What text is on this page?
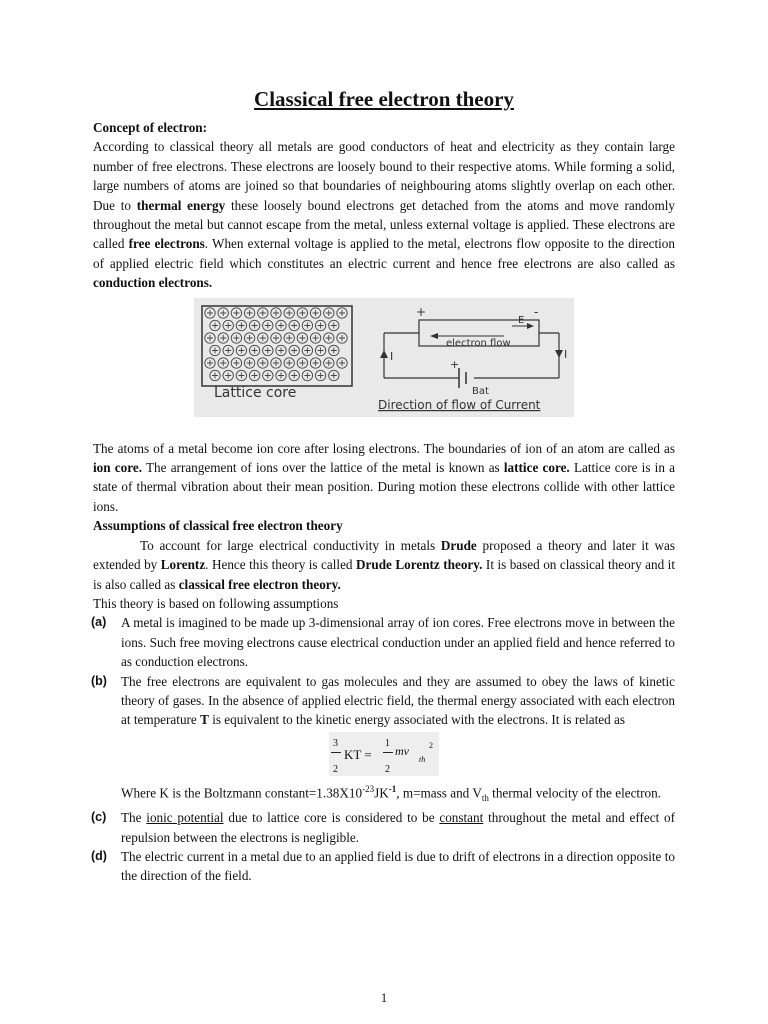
Classical free electron theory

Concept of electron:

According to classical theory all metals are good conductors of heat and electricity as they contain large number of free electrons. These electrons are loosely bound to their respective atoms. While forming a solid, large numbers of atoms are joined so that boundaries of neighbouring atoms slightly overlap on each other. Due to thermal energy these loosely bound electrons get detached from the atoms and move randomly throughout the metal but cannot escape from the metal, unless external voltage is applied. These electrons are called free electrons. When external voltage is applied to the metal, electrons flow opposite to the direction of applied electric field which constitutes an electric current and hence free electrons are also called as conduction electrons.

Lattice core
electron flow
E
I	I
+
Bat
+	-
Direction of flow of Current

The atoms of a metal become ion core after losing electrons. The boundaries of ion of an atom are called as ion core. The arrangement of ions over the lattice of the metal is known as lattice core. Lattice core is in a state of thermal vibration about their mean position. During motion these electrons collide with other lattice ions.

Assumptions of classical free electron theory

To account for large electrical conductivity in metals Drude proposed a theory and later it was extended by Lorentz. Hence this theory is called Drude Lorentz theory. It is based on classical theory and it is also called as classical free electron theory.

This theory is based on following assumptions

(a) A metal is imagined to be made up 3-dimensional array of ion cores. Free electrons move in between the ions. Such free moving electrons cause electrical conduction under an applied field and hence referred to as conduction electrons.
(b) The free electrons are equivalent to gas molecules and they are assumed to obey the laws of kinetic theory of gases. In the absence of applied electric field, the thermal energy associated with each electron at temperature T is equivalent to the kinetic energy associated with the electrons. It is related as
3
2
KT =
1
2
mv
th
2

Where K is the Boltzmann $constant=1.38X10^{-23}JK^{-1}$, m=mass and $V_{th}$ thermal velocity of the electron.

(c) The ionic potential due to lattice core is considered to be constant throughout the metal and effect of repulsion between the electrons is negligible.
(d) The electric current in a metal due to an applied field is due to drift of electrons in a direction opposite to the direction of the field.
1
